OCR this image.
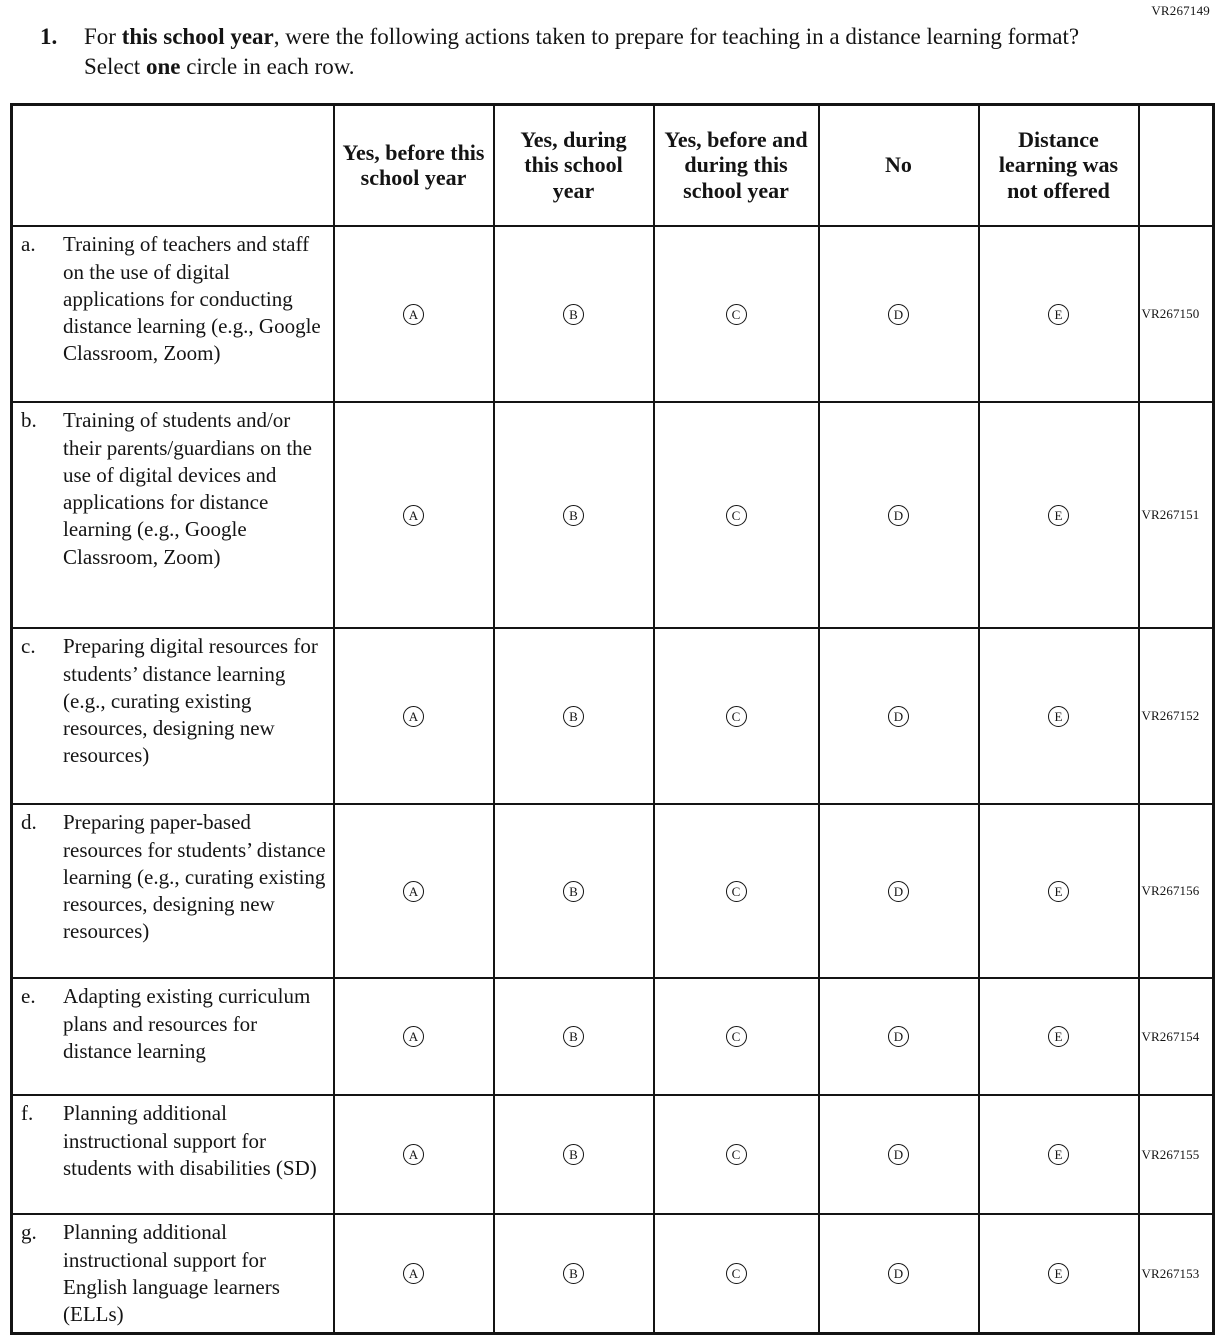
VR267149
1.	For this school year, were the following actions taken to prepare for teaching in a distance learning format? Select one circle in each row.
	Yes, before this school year	Yes, during this school year	Yes, before and during this school year	No	Distance learning was not offered	

a. Training of teachers and staff on the use of digital applications for conducting distance learning (e.g., Google Classroom, Zoom)	A	B	C	D	E	VR267150

b. Training of students and/or their parents/guardians on the use of digital devices and applications for distance learning (e.g., Google Classroom, Zoom)	A	B	C	D	E	VR267151

c. Preparing digital resources for students’ distance learning (e.g., curating existing resources, designing new resources)	A	B	C	D	E	VR267152

d. Preparing paper-based resources for students’ distance learning (e.g., curating existing resources, designing new resources)	A	B	C	D	E	VR267156

e. Adapting existing curriculum plans and resources for distance learning	A	B	C	D	E	VR267154

f. Planning additional instructional support for students with disabilities (SD)	A	B	C	D	E	VR267155

g. Planning additional instructional support for English language learners (ELLs)	A	B	C	D	E	VR267153
